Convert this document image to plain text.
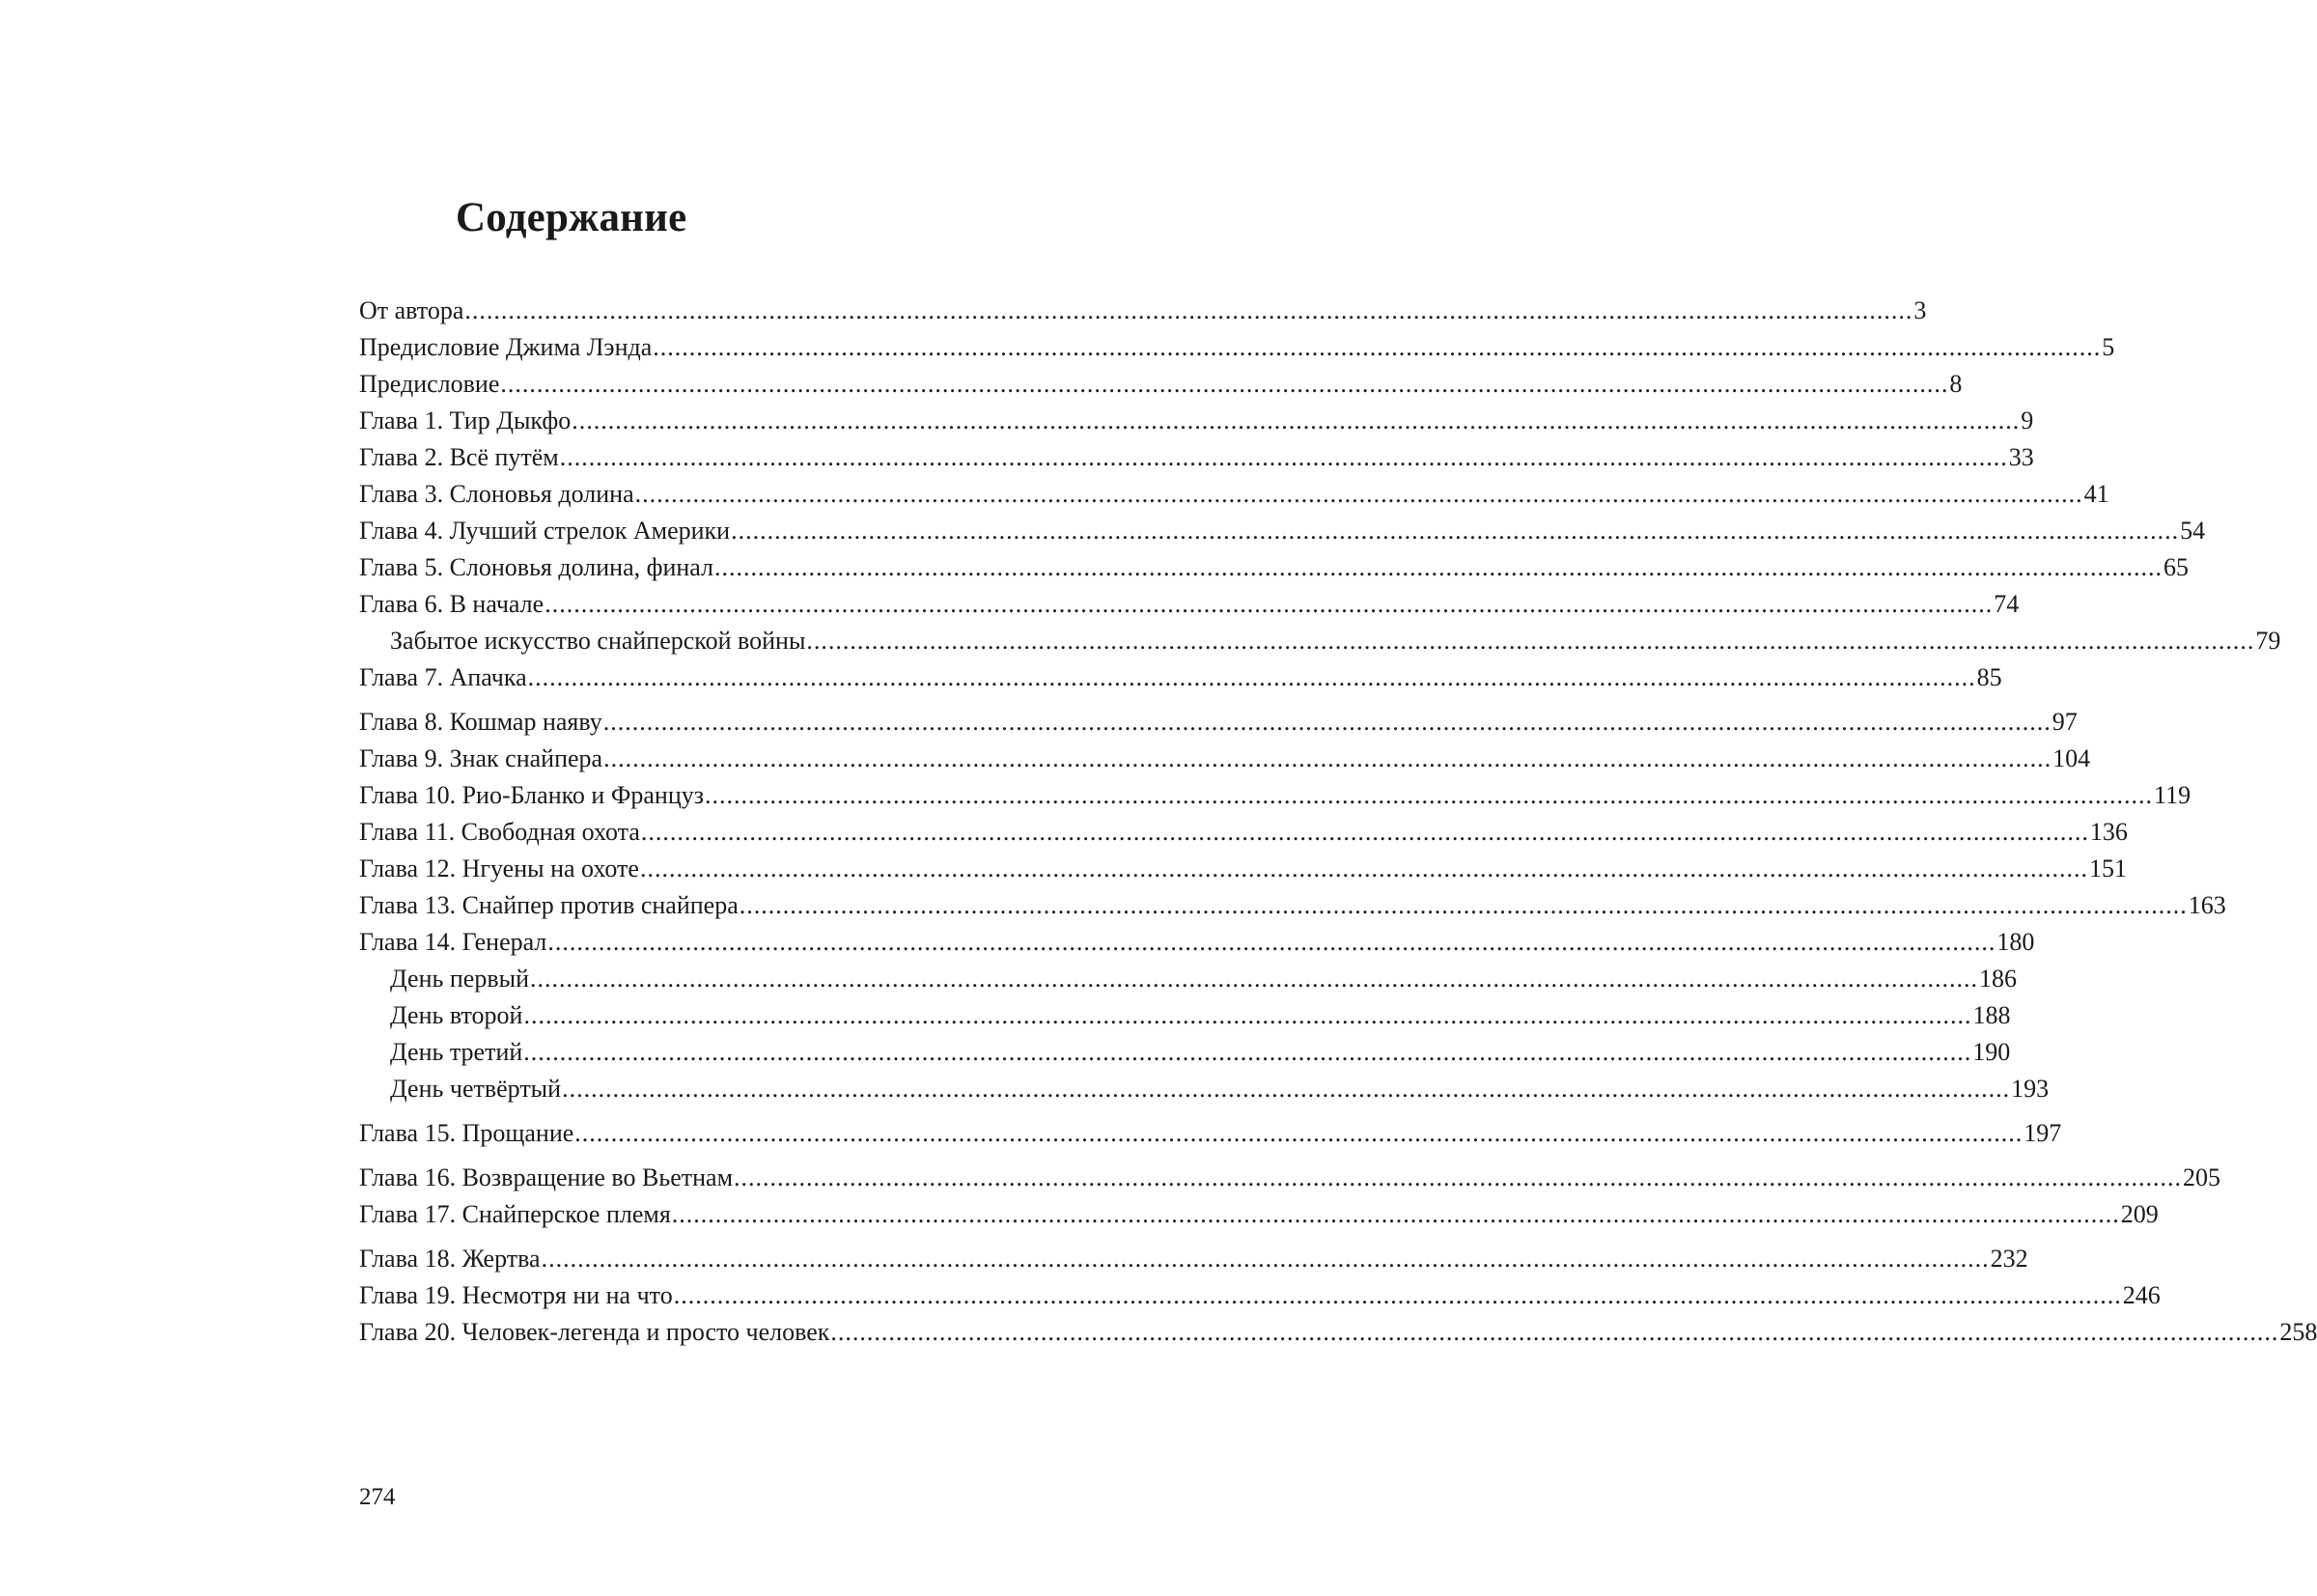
Содержание
От автора ........................................................................................................................................................................................................ 3
Предисловие Джима Лэнда ........................................................................................................................................................................................................ 5
Предисловие ........................................................................................................................................................................................................ 8
Глава 1. Тир Дыкфо ........................................................................................................................................................................................................ 9
Глава 2. Всё путём ........................................................................................................................................................................................................ 33
Глава 3. Слоновья долина ........................................................................................................................................................................................................ 41
Глава 4. Лучший стрелок Америки ........................................................................................................................................................................................................ 54
Глава 5. Слоновья долина, финал ........................................................................................................................................................................................................ 65
Глава 6. В начале ........................................................................................................................................................................................................ 74
Забытое искусство снайперской войны ........................................................................................................................................................................................................ 79
Глава 7. Апачка ........................................................................................................................................................................................................ 85
Глава 8. Кошмар наяву ........................................................................................................................................................................................................ 97
Глава 9. Знак снайпера ........................................................................................................................................................................................................ 104
Глава 10. Рио-Бланко и Француз ........................................................................................................................................................................................................ 119
Глава 11. Свободная охота ........................................................................................................................................................................................................ 136
Глава 12. Нгуены на охоте ........................................................................................................................................................................................................ 151
Глава 13. Снайпер против снайпера ........................................................................................................................................................................................................ 163
Глава 14. Генерал ........................................................................................................................................................................................................ 180
День первый ........................................................................................................................................................................................................ 186
День второй ........................................................................................................................................................................................................ 188
День третий ........................................................................................................................................................................................................ 190
День четвёртый ........................................................................................................................................................................................................ 193
Глава 15. Прощание ........................................................................................................................................................................................................ 197
Глава 16. Возвращение во Вьетнам ........................................................................................................................................................................................................ 205
Глава 17. Снайперское племя ........................................................................................................................................................................................................ 209
Глава 18. Жертва ........................................................................................................................................................................................................ 232
Глава 19. Несмотря ни на что ........................................................................................................................................................................................................ 246
Глава 20. Человек-легенда и просто человек ........................................................................................................................................................................................................ 258
274
